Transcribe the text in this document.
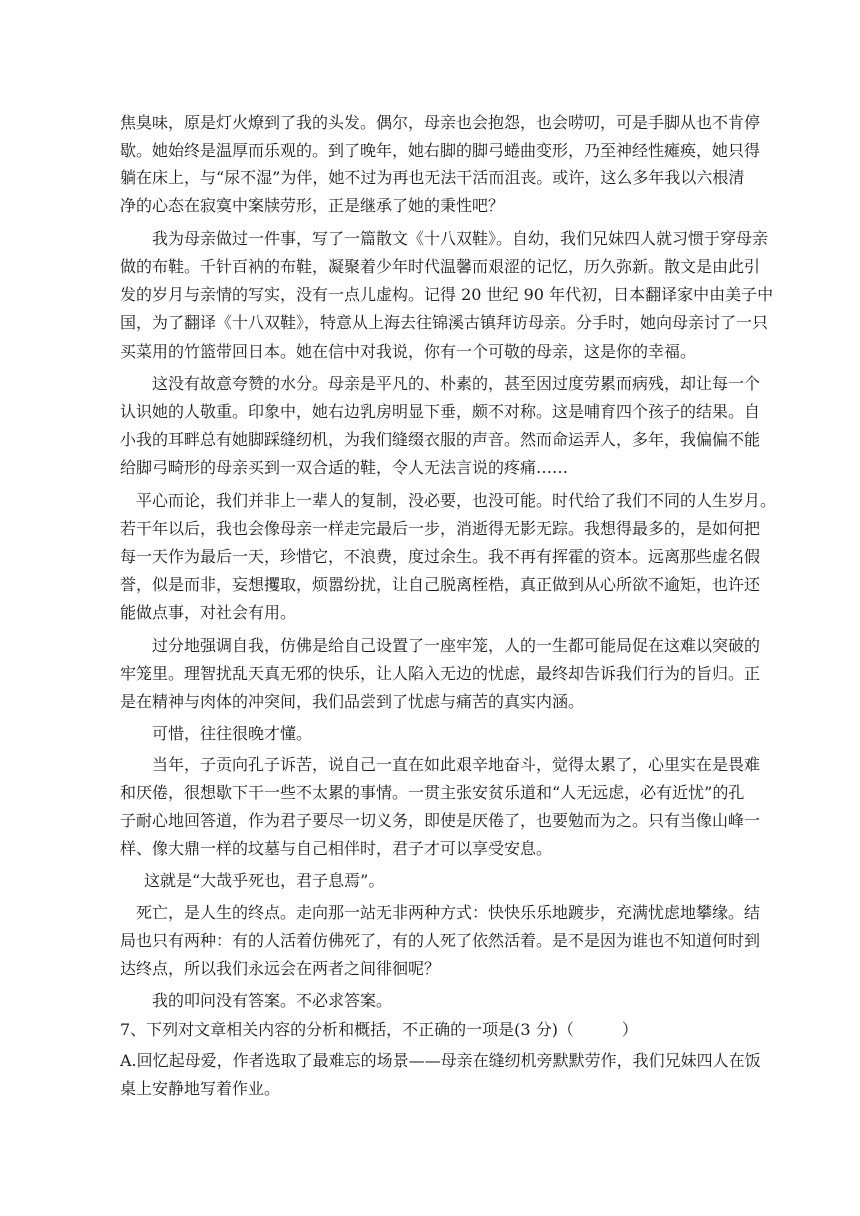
焦臭味，原是灯火燎到了我的头发。偶尔，母亲也会抱怨，也会唠叨，可是手脚从也不肯停
歇。她始终是温厚而乐观的。到了晚年，她右脚的脚弓蜷曲变形，乃至神经性瘫痪，她只得
躺在床上，与“尿不湿”为伴，她不过为再也无法干活而沮丧。或许，这么多年我以六根清
净的心态在寂寞中案牍劳形，正是继承了她的秉性吧？
我为母亲做过一件事，写了一篇散文《十八双鞋》。自幼，我们兄妹四人就习惯于穿母亲
做的布鞋。千针百衲的布鞋，凝聚着少年时代温馨而艰涩的记忆，历久弥新。散文是由此引
发的岁月与亲情的写实，没有一点儿虚构。记得 20 世纪 90 年代初，日本翻译家中由美子中
国，为了翻译《十八双鞋》，特意从上海去往锦溪古镇拜访母亲。分手时，她向母亲讨了一只
买菜用的竹篮带回日本。她在信中对我说，你有一个可敬的母亲，这是你的幸福。
这没有故意夸赞的水分。母亲是平凡的、朴素的，甚至因过度劳累而病残，却让每一个
认识她的人敬重。印象中，她右边乳房明显下垂，颇不对称。这是哺育四个孩子的结果。自
小我的耳畔总有她脚踩缝纫机，为我们缝缀衣服的声音。然而命运弄人，多年，我偏偏不能
给脚弓畸形的母亲买到一双合适的鞋，令人无法言说的疼痛……
平心而论，我们并非上一辈人的复制，没必要，也没可能。时代给了我们不同的人生岁月。
若干年以后，我也会像母亲一样走完最后一步，消逝得无影无踪。我想得最多的，是如何把
每一天作为最后一天，珍惜它，不浪费，度过余生。我不再有挥霍的资本。远离那些虚名假
誉，似是而非，妄想攫取，烦嚣纷扰，让自己脱离桎梏，真正做到从心所欲不逾矩，也许还
能做点事，对社会有用。
过分地强调自我，仿佛是给自己设置了一座牢笼，人的一生都可能局促在这难以突破的
牢笼里。理智扰乱天真无邪的快乐，让人陷入无边的忧虑，最终却告诉我们行为的旨归。正
是在精神与肉体的冲突间，我们品尝到了忧虑与痛苦的真实内涵。
可惜，往往很晚才懂。
当年，子贡向孔子诉苦，说自己一直在如此艰辛地奋斗，觉得太累了，心里实在是畏难
和厌倦，很想歇下干一些不太累的事情。一贯主张安贫乐道和“人无远虑，必有近忧”的孔
子耐心地回答道，作为君子要尽一切义务，即使是厌倦了，也要勉而为之。只有当像山峰一
样、像大鼎一样的坟墓与自己相伴时，君子才可以享受安息。
这就是“大哉乎死也，君子息焉”。
死亡，是人生的终点。走向那一站无非两种方式：快快乐乐地踱步，充满忧虑地攀缘。结
局也只有两种：有的人活着仿佛死了，有的人死了依然活着。是不是因为谁也不知道何时到
达终点，所以我们永远会在两者之间徘徊呢？
我的叩问没有答案。不必求答案。
7、下列对文章相关内容的分析和概括，不正确的一项是(3 分)（　　　）
A.回忆起母爱，作者选取了最难忘的场景——母亲在缝纫机旁默默劳作，我们兄妹四人在饭
桌上安静地写着作业。
